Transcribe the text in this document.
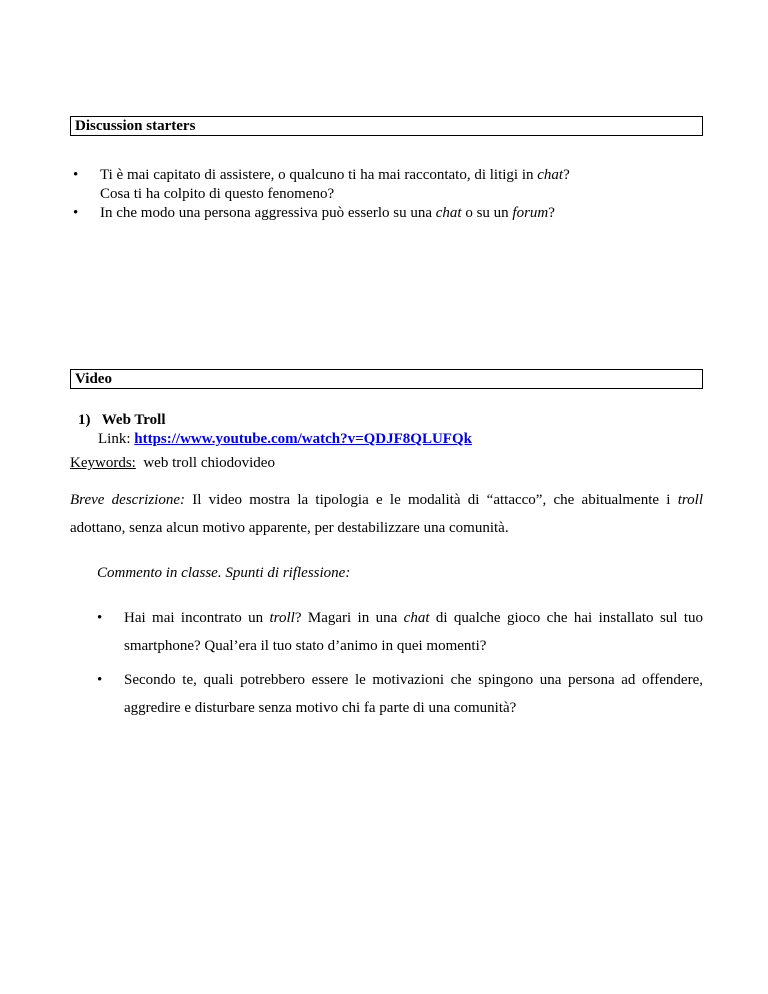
Discussion starters
• Ti è mai capitato di assistere, o qualcuno ti ha mai raccontato, di litigi in chat?
Cosa ti ha colpito di questo fenomeno?
• In che modo una persona aggressiva può esserlo su una chat o su un forum?
Video
1) Web Troll
Link: https://www.youtube.com/watch?v=QDJF8QLUFQk
Keywords: web troll chiodovideo
Breve descrizione: Il video mostra la tipologia e le modalità di “attacco”, che abitualmente i troll adottano, senza alcun motivo apparente, per destabilizzare una comunità.
Commento in classe. Spunti di riflessione:
• Hai mai incontrato un troll? Magari in una chat di qualche gioco che hai installato sul tuo smartphone? Qual’era il tuo stato d’animo in quei momenti?
• Secondo te, quali potrebbero essere le motivazioni che spingono una persona ad offendere, aggredire e disturbare senza motivo chi fa parte di una comunità?
